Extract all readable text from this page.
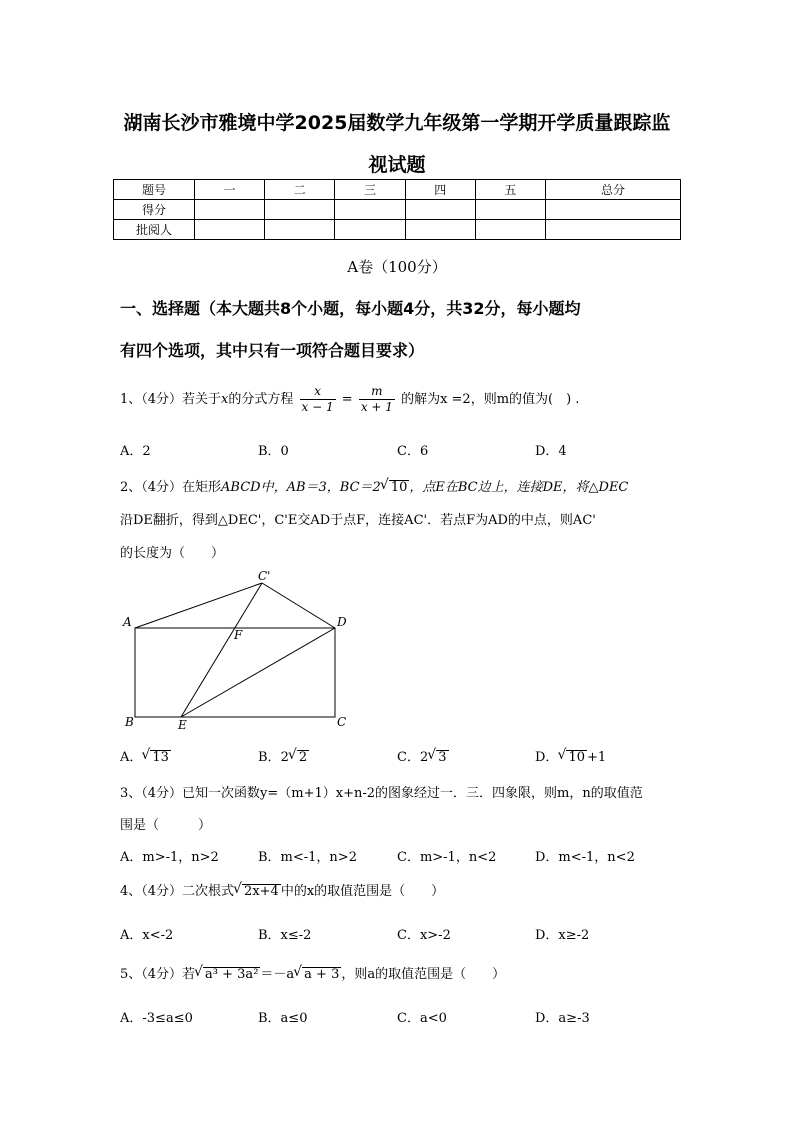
湖南长沙市雅境中学2025届数学九年级第一学期开学质量跟踪监
视试题
题号	一	二	三	四	五	总分
得分						
批阅人						
A卷（100分）
一、选择题（本大题共8个小题，每小题4分，共32分，每小题均
有四个选项，其中只有一项符合题目要求）
1、（4分）若关于x的分式方程 $\frac{x}{x - 1} = \frac{m}{x + 1}$ 的解为x =2，则m的值为(　) .
A．2	B．0	C．6	D．4
2、（4分）在矩形ABCD中，AB＝3，BC＝2 √ 10 ，点E在BC边上，连接DE，将△DEC
沿DE翻折，得到△DEC'，C'E交AD于点F，连接AC'．若点F为AD的中点，则AC'
的长度为（　　）
A	D
B	C
E
F
C'
A． √ 13	B．2 √ 2	C．2 √ 3	D． √ 10 +1
3、（4分）已知一次函数y=（m+1）x+n-2的图象经过一．三．四象限，则m，n的取值范
围是（　　　）
A．m>-1，n>2	B．m<-1，n>2	C．m>-1，n<2	D．m<-1，n<2
4、（4分）二次根式 √ 2x+4 中的x的取值范围是（　　）
A．x<-2	B．x≤-2	C．x>-2	D．x≥-2
5、（4分）若 √ a³ + 3a² ＝－a √ a + 3 ，则a的取值范围是（　　）
A．-3≤a≤0	B．a≤0	C．a<0	D．a≥-3
